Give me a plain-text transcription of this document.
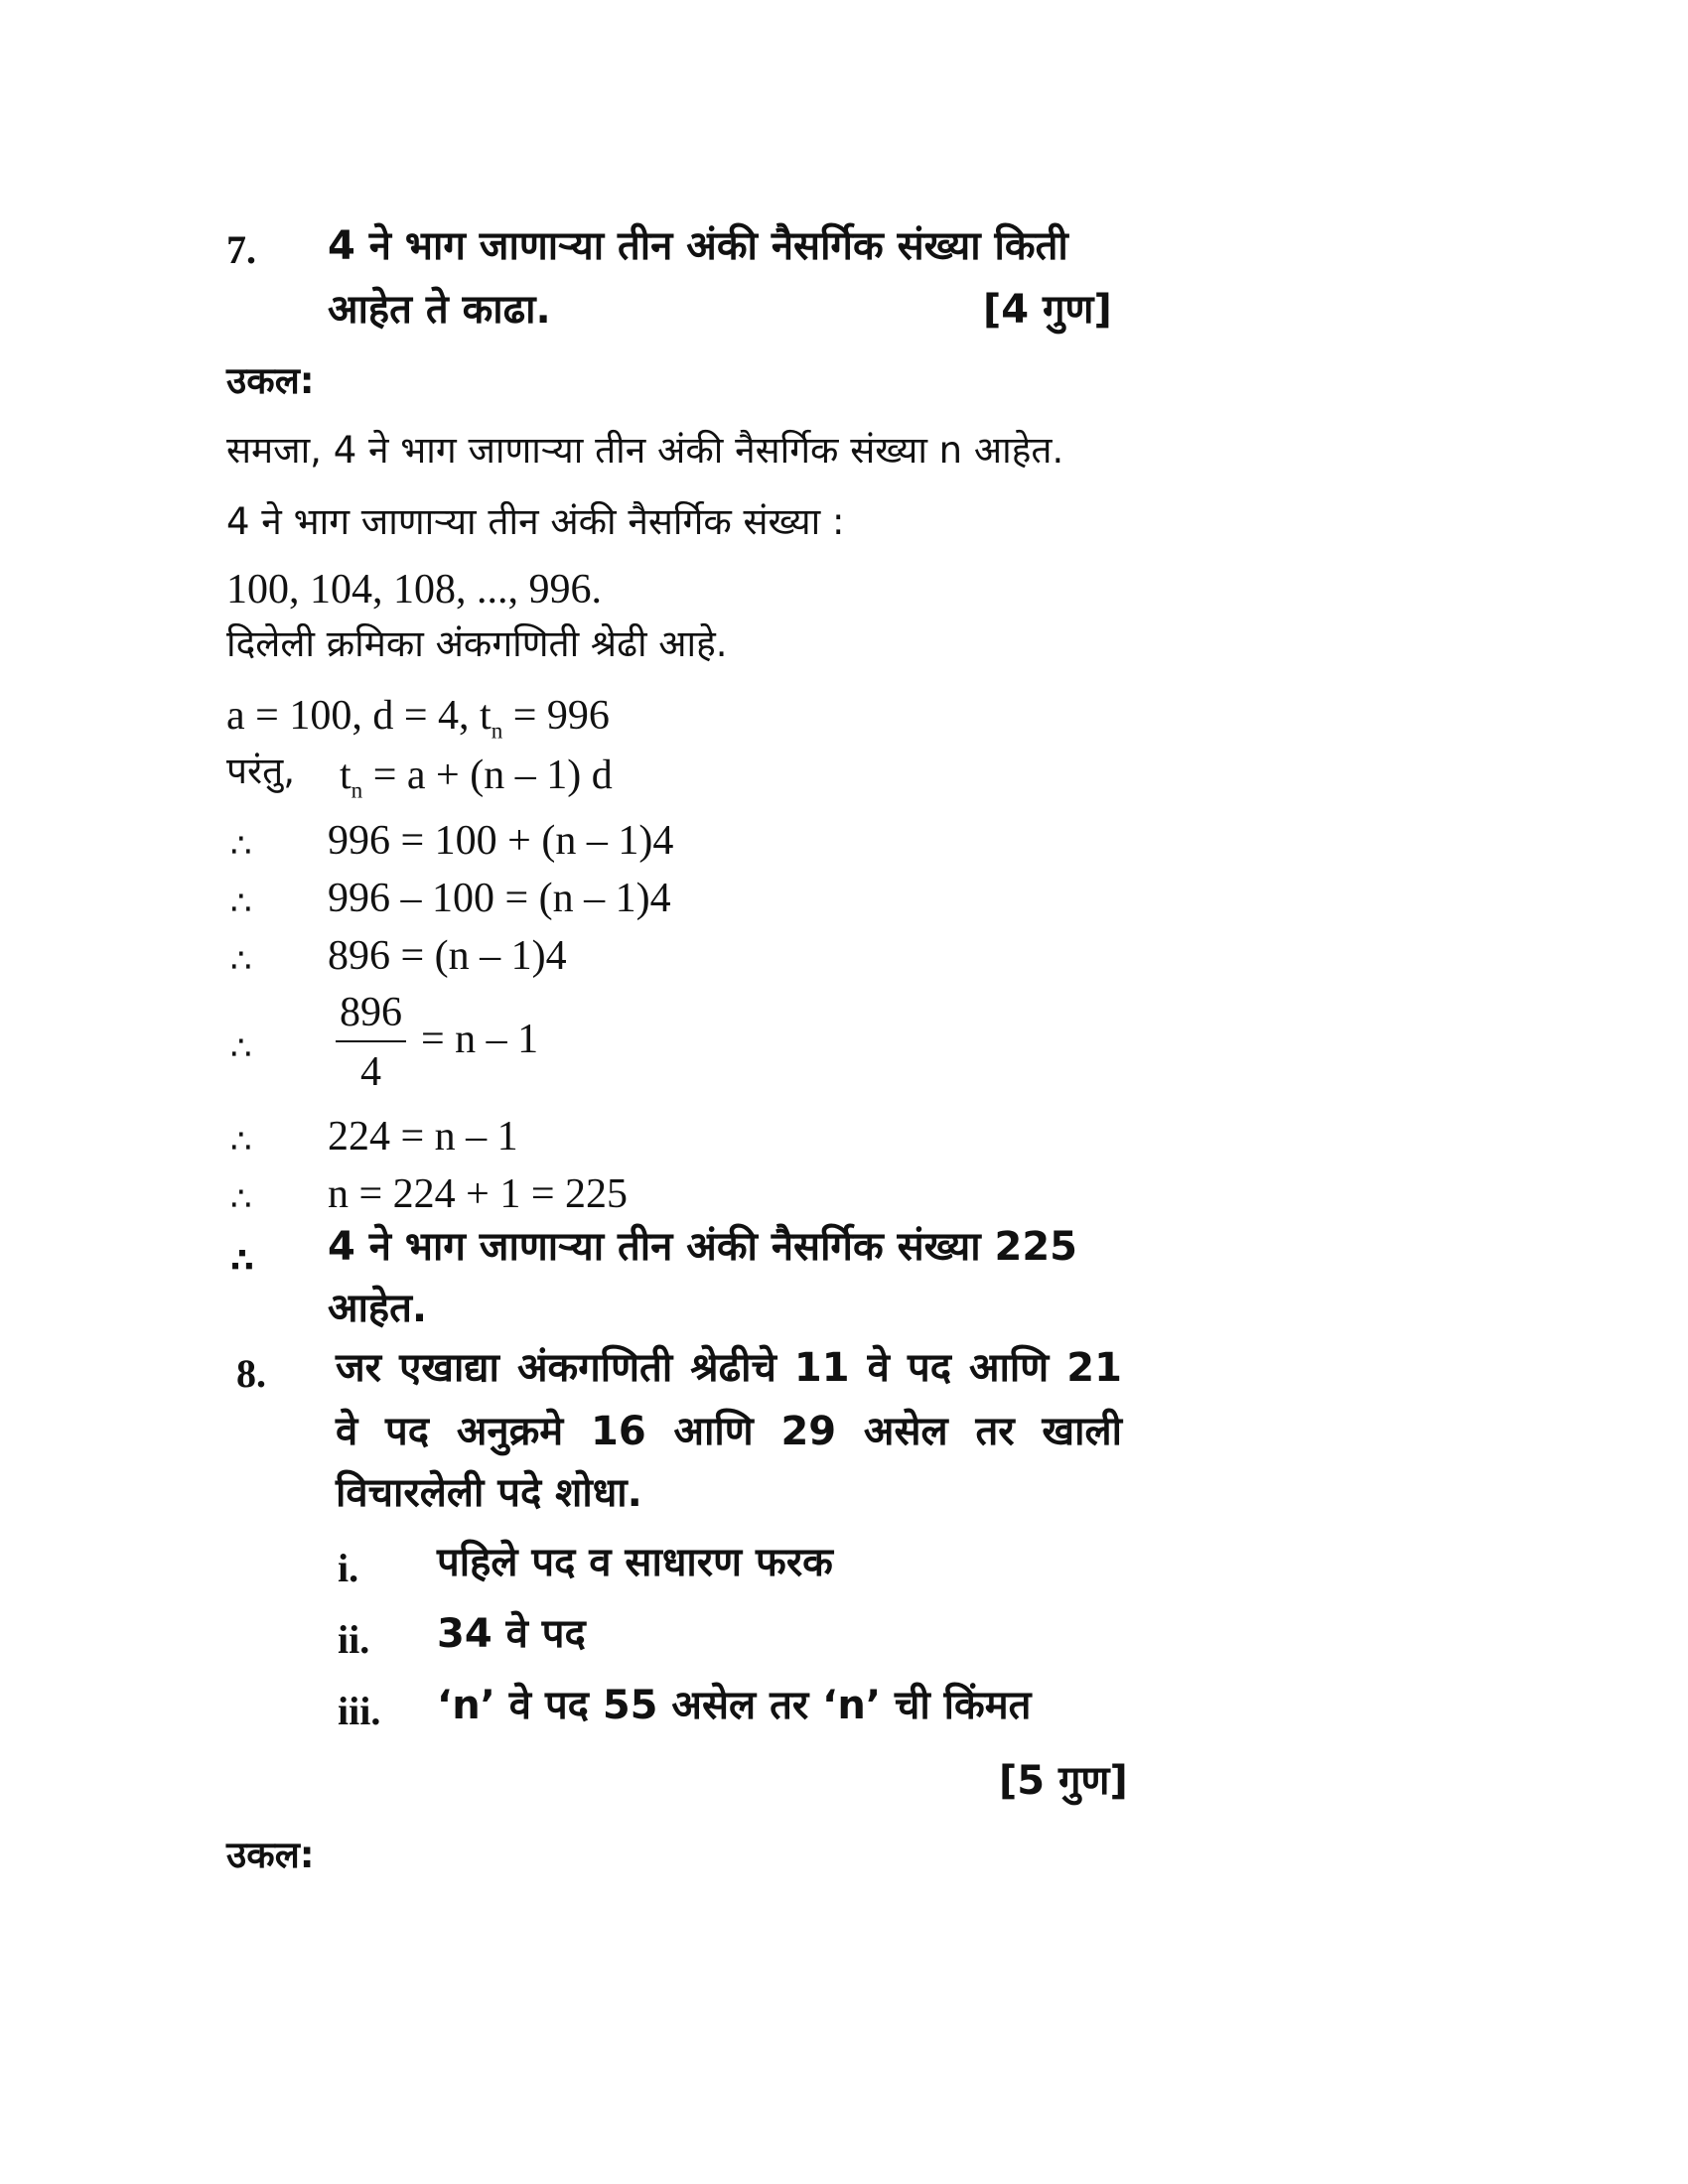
7. 4 ने भाग जाणाऱ्या तीन अंकी नैसर्गिक संख्या किती
आहेत ते काढा.	[4 गुण]
उकल:
समजा, 4 ने भाग जाणाऱ्या तीन अंकी नैसर्गिक संख्या n आहेत.
4 ने भाग जाणाऱ्या तीन अंकी नैसर्गिक संख्या :
100, 104, 108, ..., 996.
दिलेली क्रमिका अंकगणिती श्रेढी आहे.
a = 100, d = 4, $t_n = 996$
परंतु, $t_n = a + (n - 1)$ d
∴ 996 = 100 + (n – 1)4
∴ 996 – 100 = (n – 1)4
∴ 896 = (n – 1)4
∴ $\frac{896}{4} = n - 1$
∴ 224 = n – 1
∴ n = 224 + 1 = 225
∴ 4 ने भाग जाणाऱ्या तीन अंकी नैसर्गिक संख्या 225
आहेत.
8. जर एखाद्या अंकगणिती श्रेढीचे 11 वे पद आणि 21
वे पद अनुक्रमे 16 आणि 29 असेल तर खाली
विचारलेली पदे शोधा.
i. पहिले पद व साधारण फरक
ii. 34 वे पद
iii. ‘n’ वे पद 55 असेल तर ‘n’ ची किंमत
[5 गुण]
उकल:
